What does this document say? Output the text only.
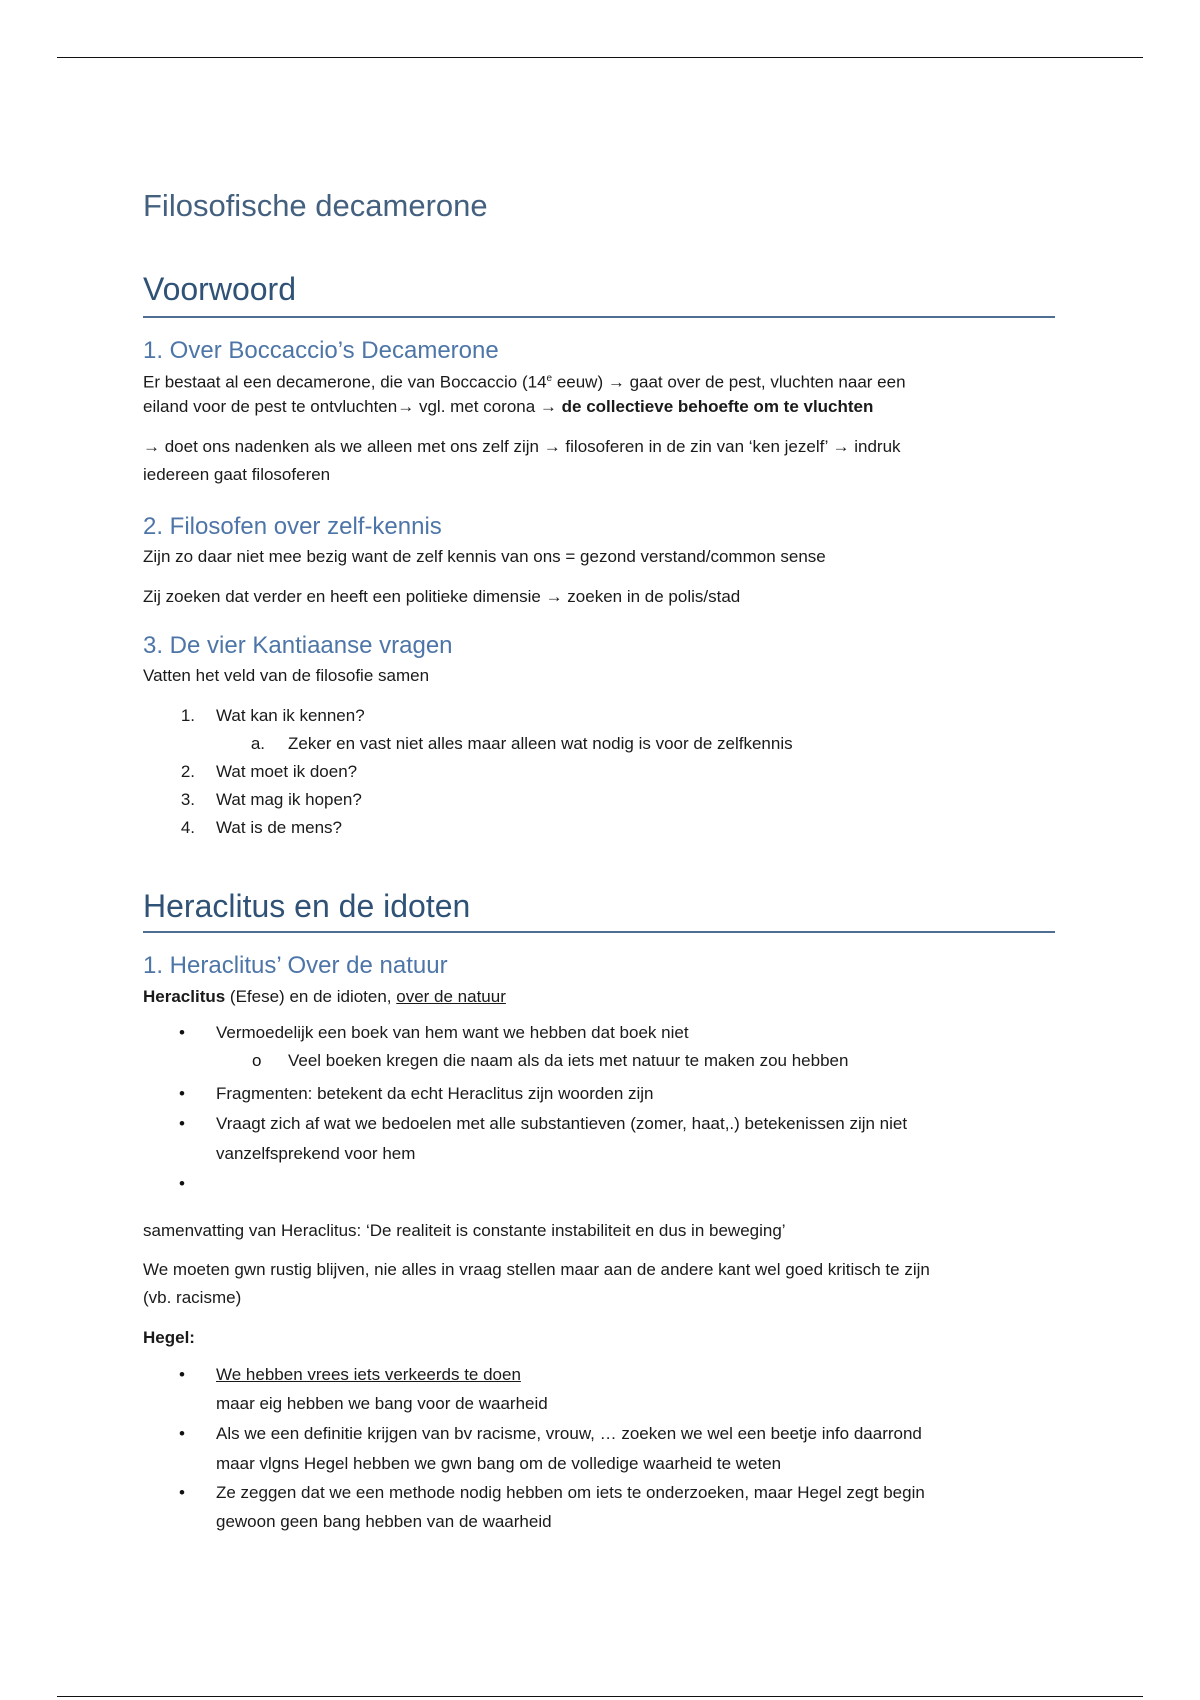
Filosofische decamerone
Voorwoord
1. Over Boccaccio’s Decamerone
Er bestaat al een decamerone, die van Boccaccio (14e eeuw) → gaat over de pest, vluchten naar een
eiland voor de pest te ontvluchten→ vgl. met corona → de collectieve behoefte om te vluchten
→ doet ons nadenken als we alleen met ons zelf zijn → filosoferen in de zin van ‘ken jezelf’ → indruk
iedereen gaat filosoferen
2. Filosofen over zelf-kennis
Zijn zo daar niet mee bezig want de zelf kennis van ons = gezond verstand/common sense
Zij zoeken dat verder en heeft een politieke dimensie → zoeken in de polis/stad
3. De vier Kantiaanse vragen
Vatten het veld van de filosofie samen
1. Wat kan ik kennen?
a. Zeker en vast niet alles maar alleen wat nodig is voor de zelfkennis
2. Wat moet ik doen?
3. Wat mag ik hopen?
4. Wat is de mens?
Heraclitus en de idoten
1. Heraclitus’ Over de natuur
Heraclitus (Efese) en de idioten, over de natuur
• Vermoedelijk een boek van hem want we hebben dat boek niet
o Veel boeken kregen die naam als da iets met natuur te maken zou hebben
• Fragmenten: betekent da echt Heraclitus zijn woorden zijn
• Vraagt zich af wat we bedoelen met alle substantieven (zomer, haat,.) betekenissen zijn niet
vanzelfsprekend voor hem
•
samenvatting van Heraclitus: ‘De realiteit is constante instabiliteit en dus in beweging’
We moeten gwn rustig blijven, nie alles in vraag stellen maar aan de andere kant wel goed kritisch te zijn
(vb. racisme)
Hegel:
• We hebben vrees iets verkeerds te doen
maar eig hebben we bang voor de waarheid
• Als we een definitie krijgen van bv racisme, vrouw, … zoeken we wel een beetje info daarrond
maar vlgns Hegel hebben we gwn bang om de volledige waarheid te weten
• Ze zeggen dat we een methode nodig hebben om iets te onderzoeken, maar Hegel zegt begin
gewoon geen bang hebben van de waarheid
